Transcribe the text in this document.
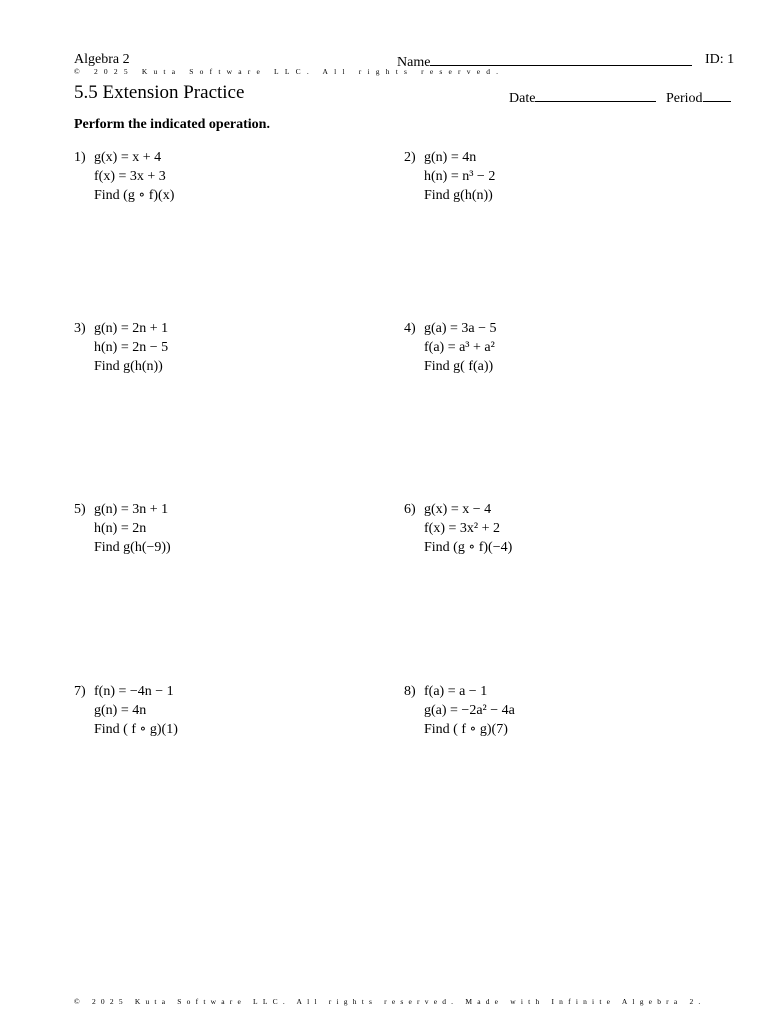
Algebra 2	Name	ID: 1
© 2025 Kuta Software LLC. All rights reserved.
5.5 Extension Practice	Date	Period
Perform the indicated operation.
1) g(x) = x + 4
f(x) = 3x + 3
Find (g ∘ f)(x)
2) g(n) = 4n
h(n) = n³ − 2
Find g(h(n))
3) g(n) = 2n + 1
h(n) = 2n − 5
Find g(h(n))
4) g(a) = 3a − 5
f(a) = a³ + a²
Find g( f(a))
5) g(n) = 3n + 1
h(n) = 2n
Find g(h(−9))
6) g(x) = x − 4
f(x) = 3x² + 2
Find (g ∘ f)(−4)
7) f(n) = −4n − 1
g(n) = 4n
Find ( f ∘ g)(1)
8) f(a) = a − 1
g(a) = −2a² − 4a
Find ( f ∘ g)(7)
© 2025 Kuta Software LLC. All rights reserved. Made with Infinite Algebra 2.
